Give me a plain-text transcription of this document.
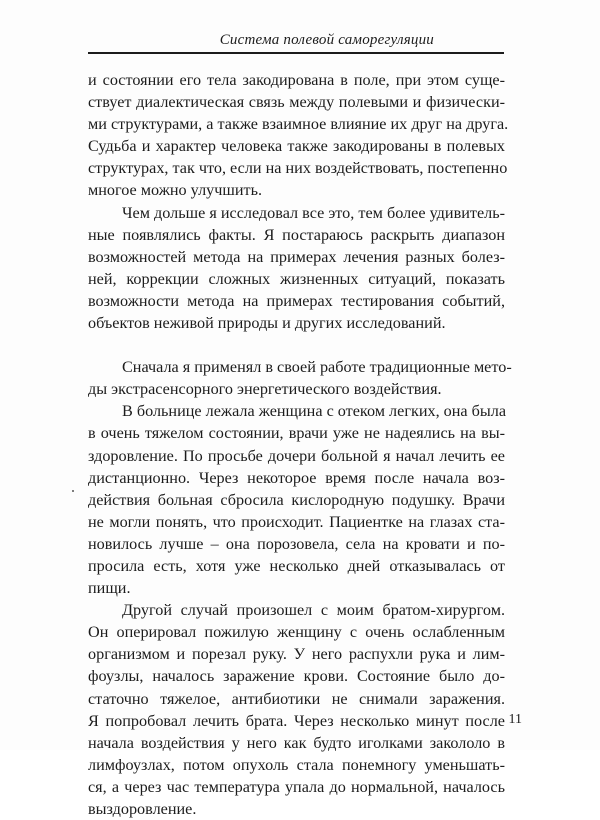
Система полевой саморегуляции

и состоянии его тела закодирована в поле, при этом суще-
ствует диалектическая связь между полевыми и физически-
ми структурами, а также взаимное влияние их друг на друга.
Судьба и характер человека также закодированы в полевых
структурах, так что, если на них воздействовать, постепенно
многое можно улучшить.

Чем дольше я исследовал все это, тем более удивитель-
ные появлялись факты. Я постараюсь раскрыть диапазон
возможностей метода на примерах лечения разных болез-
ней, коррекции сложных жизненных ситуаций, показать
возможности метода на примерах тестирования событий,
объектов неживой природы и других исследований.

Сначала я применял в своей работе традиционные мето-
ды экстрасенсорного энергетического воздействия.

В больнице лежала женщина с отеком легких, она была
в очень тяжелом состоянии, врачи уже не надеялись на вы-
здоровление. По просьбе дочери больной я начал лечить ее
дистанционно. Через некоторое время после начала воз-
действия больная сбросила кислородную подушку. Врачи
не могли понять, что происходит. Пациентке на глазах ста-
новилось лучше – она порозовела, села на кровати и по-
просила есть, хотя уже несколько дней отказывалась от
пищи.

Другой случай произошел с моим братом-хирургом.
Он оперировал пожилую женщину с очень ослабленным
организмом и порезал руку. У него распухли рука и лим-
фоузлы, началось заражение крови. Состояние было до-
статочно тяжелое, антибиотики не снимали заражения.
Я попробовал лечить брата. Через несколько минут после
начала воздействия у него как будто иголками закололо в
лимфоузлах, потом опухоль стала понемногу уменьшать-
ся, а через час температура упала до нормальной, началось
выздоровление.

11
